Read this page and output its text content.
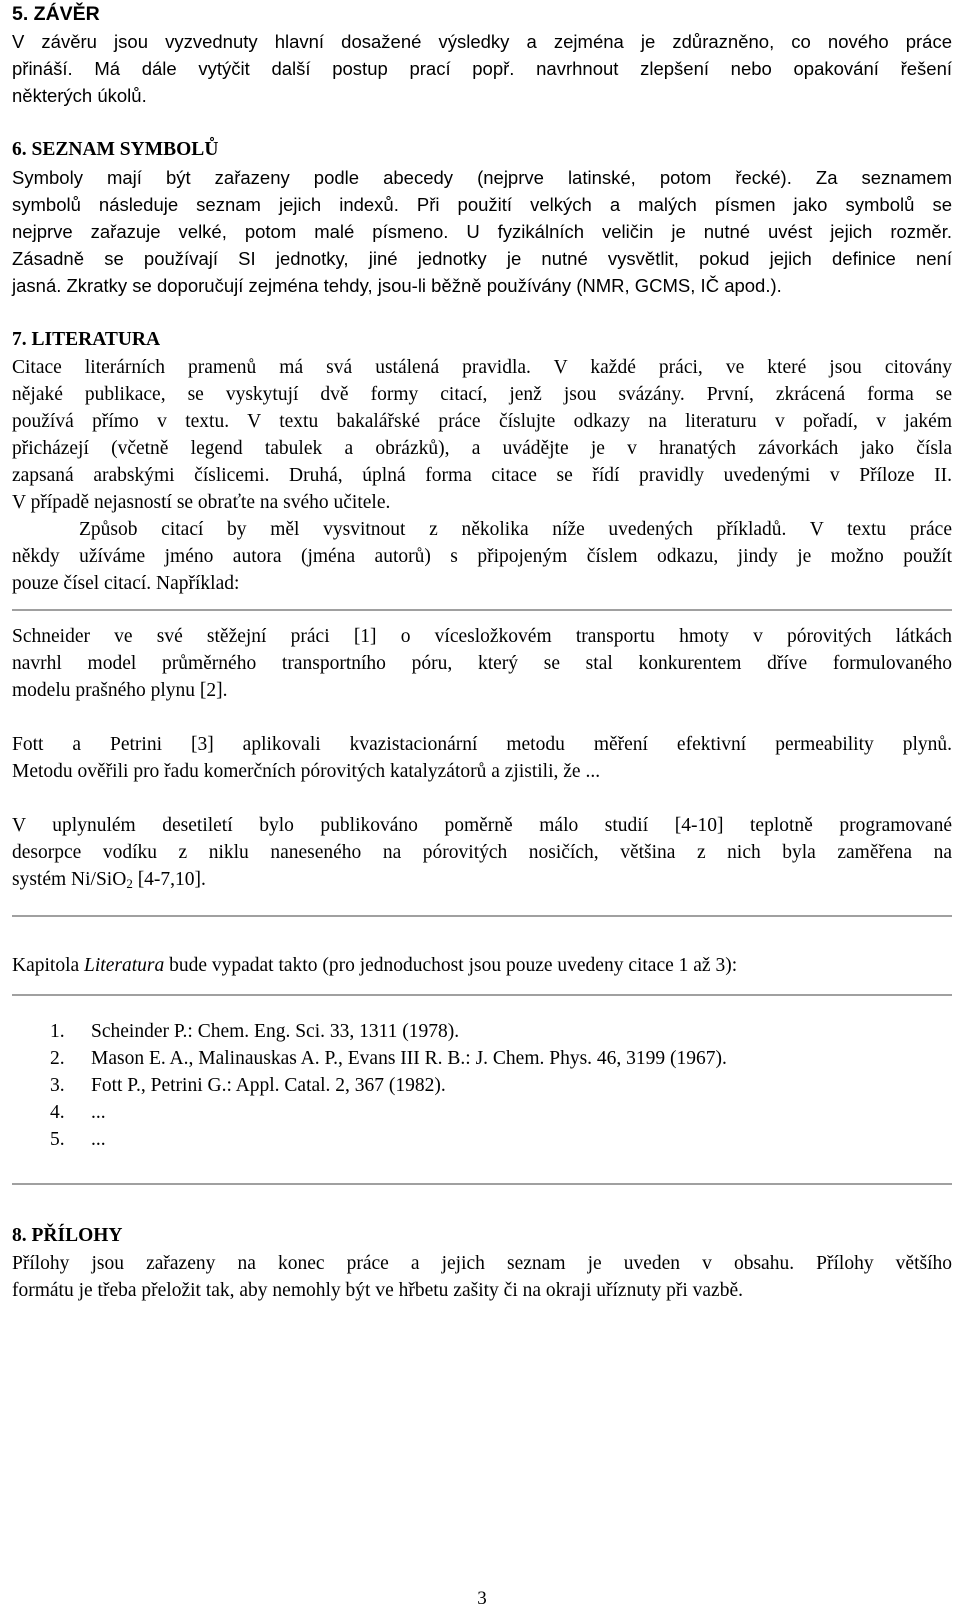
5. ZÁVĚR

V závěru jsou vyzvednuty hlavní dosažené výsledky a zejména je zdůrazněno, co nového práce

přináší. Má dále vytýčit další postup prací popř. navrhnout zlepšení nebo opakování řešení

některých úkolů.

6. SEZNAM SYMBOLŮ

Symboly mají být zařazeny podle abecedy (nejprve latinské, potom řecké). Za seznamem

symbolů následuje seznam jejich indexů. Při použití velkých a malých písmen jako symbolů se

nejprve zařazuje velké, potom malé písmeno. U fyzikálních veličin je nutné uvést jejich rozměr.

Zásadně se používají SI jednotky, jiné jednotky je nutné vysvětlit, pokud jejich definice není

jasná. Zkratky se doporučují zejména tehdy, jsou-li běžně používány (NMR, GCMS, IČ apod.).

7. LITERATURA

Citace literárních pramenů má svá ustálená pravidla. V každé práci, ve které jsou citovány

nějaké publikace, se vyskytují dvě formy citací, jenž jsou svázány. První, zkrácená forma se

používá přímo v textu. V textu bakalářské práce číslujte odkazy na literaturu v pořadí, v jakém

přicházejí (včetně legend tabulek a obrázků), a uvádějte je v hranatých závorkách jako čísla

zapsaná arabskými číslicemi. Druhá, úplná forma citace se řídí pravidly uvedenými v Příloze II.

V případě nejasností se obraťte na svého učitele.

Způsob citací by měl vysvitnout z několika níže uvedených příkladů. V textu práce

někdy užíváme jméno autora (jména autorů) s připojeným číslem odkazu, jindy je možno použít

pouze čísel citací. Například:

Schneider ve své stěžejní práci [1] o vícesložkovém transportu hmoty v pórovitých látkách

navrhl model průměrného transportního póru, který se stal konkurentem dříve formulovaného

modelu prašného plynu [2].

Fott a Petrini [3] aplikovali kvazistacionární metodu měření efektivní permeability plynů.

Metodu ověřili pro řadu komerčních pórovitých katalyzátorů a zjistili, že ...

V uplynulém desetiletí bylo publikováno poměrně málo studií [4-10] teplotně programované

desorpce vodíku z niklu naneseného na pórovitých nosičích, většina z nich byla zaměřena na

systém Ni/SiO$_2$ [4-7,10].

Kapitola Literatura bude vypadat takto (pro jednoduchost jsou pouze uvedeny citace 1 až 3):

1.	Scheinder P.: Chem. Eng. Sci. 33, 1311 (1978).
2.	Mason E. A., Malinauskas A. P., Evans III R. B.: J. Chem. Phys. 46, 3199 (1967).
3.	Fott P., Petrini G.: Appl. Catal. 2, 367 (1982).
4.	...
5.	...

8. PŘÍLOHY

Přílohy jsou zařazeny na konec práce a jejich seznam je uveden v obsahu. Přílohy většího

formátu je třeba přeložit tak, aby nemohly být ve hřbetu zašity či na okraji uříznuty při vazbě.

3
